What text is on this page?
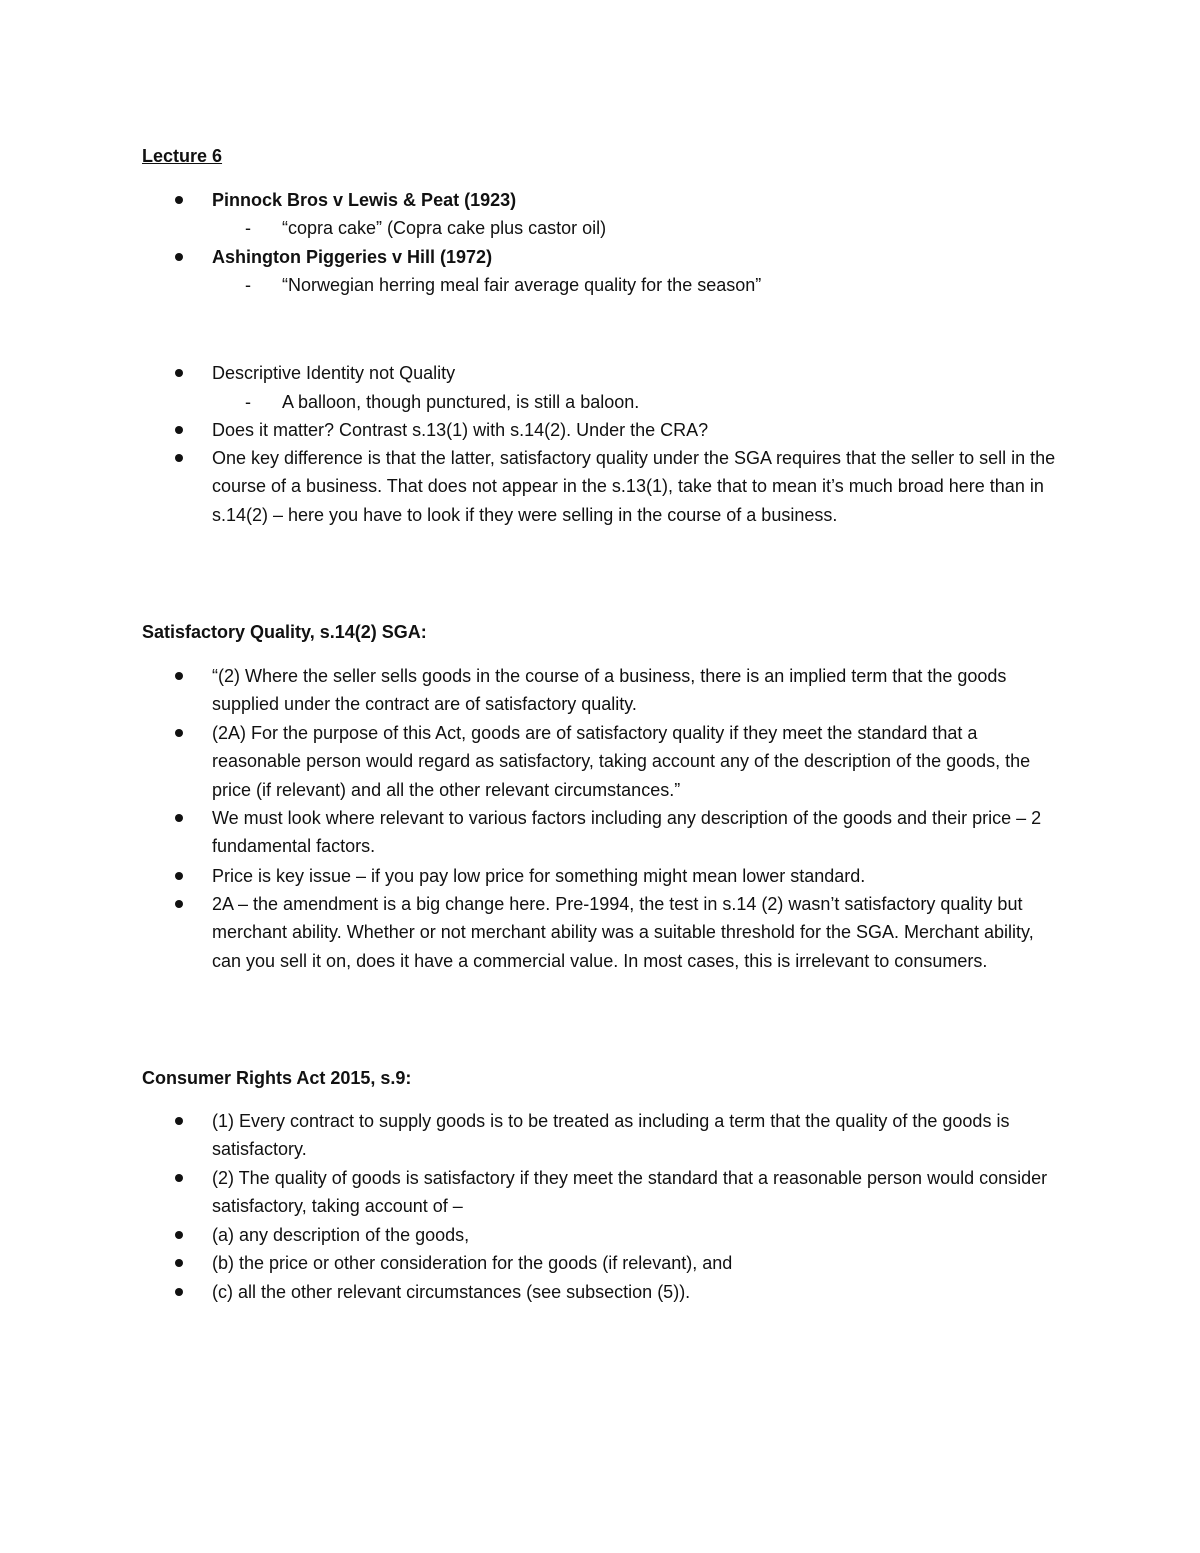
Lecture 6
Pinnock Bros v Lewis & Peat (1923)
- “copra cake” (Copra cake plus castor oil)
Ashington Piggeries v Hill (1972)
- “Norwegian herring meal fair average quality for the season”
Descriptive Identity not Quality
- A balloon, though punctured, is still a baloon.
Does it matter? Contrast s.13(1) with s.14(2). Under the CRA?
One key difference is that the latter, satisfactory quality under the SGA requires that the seller to sell in the course of a business. That does not appear in the s.13(1), take that to mean it’s much broad here than in s.14(2) – here you have to look if they were selling in the course of a business.
Satisfactory Quality, s.14(2) SGA:
“(2) Where the seller sells goods in the course of a business, there is an implied term that the goods supplied under the contract are of satisfactory quality.
(2A) For the purpose of this Act, goods are of satisfactory quality if they meet the standard that a reasonable person would regard as satisfactory, taking account any of the description of the goods, the price (if relevant) and all the other relevant circumstances.”
We must look where relevant to various factors including any description of the goods and their price – 2 fundamental factors.
Price is key issue – if you pay low price for something might mean lower standard.
2A – the amendment is a big change here. Pre-1994, the test in s.14 (2) wasn’t satisfactory quality but merchant ability. Whether or not merchant ability was a suitable threshold for the SGA. Merchant ability, can you sell it on, does it have a commercial value. In most cases, this is irrelevant to consumers.
Consumer Rights Act 2015, s.9:
(1) Every contract to supply goods is to be treated as including a term that the quality of the goods is satisfactory.
(2) The quality of goods is satisfactory if they meet the standard that a reasonable person would consider satisfactory, taking account of –
(a) any description of the goods,
(b) the price or other consideration for the goods (if relevant), and
(c) all the other relevant circumstances (see subsection (5)).
